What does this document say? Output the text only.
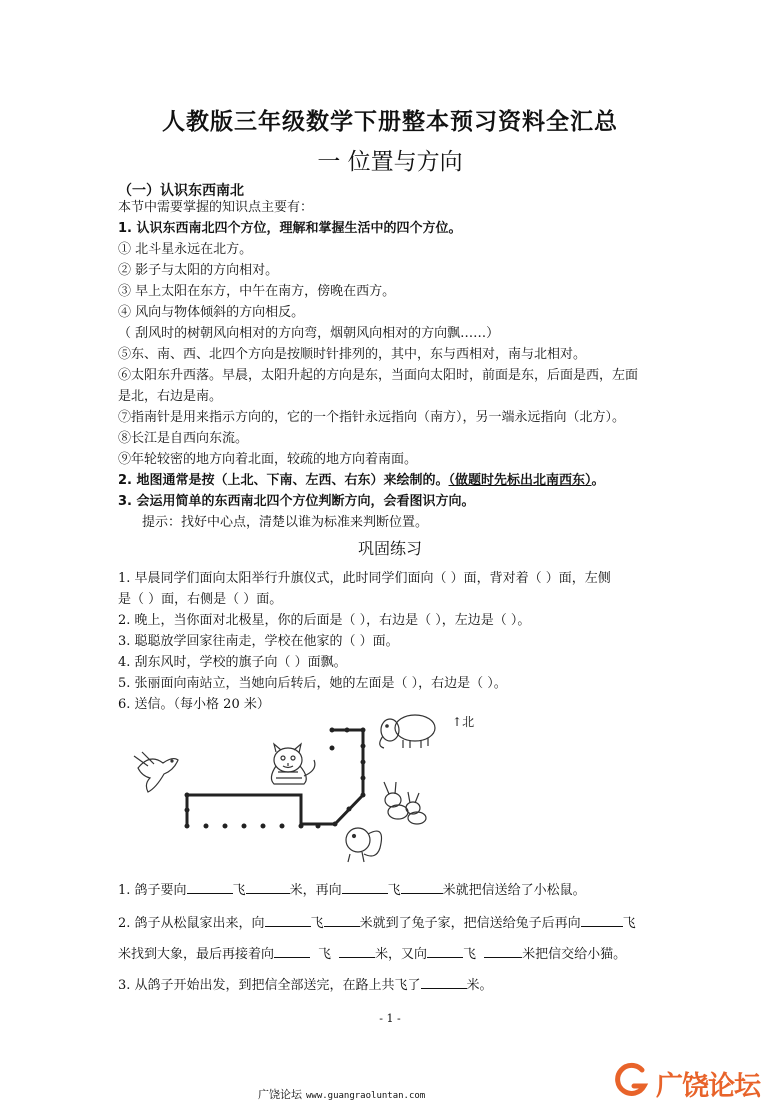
人教版三年级数学下册整本预习资料全汇总
一 位置与方向
（一）认识东西南北
本节中需要掌握的知识点主要有：
1. 认识东西南北四个方位，理解和掌握生活中的四个方位。
① 北斗星永远在北方。
② 影子与太阳的方向相对。
③ 早上太阳在东方，中午在南方，傍晚在西方。
④ 风向与物体倾斜的方向相反。
（ 刮风时的树朝风向相对的方向弯，烟朝风向相对的方向飘……）
⑤东、南、西、北四个方向是按顺时针排列的，其中，东与西相对，南与北相对。
⑥太阳东升西落。早晨，太阳升起的方向是东，当面向太阳时，前面是东，后面是西，左面
是北，右边是南。
⑦指南针是用来指示方向的，它的一个指针永远指向（南方），另一端永远指向（北方）。
⑧长江是自西向东流。
⑨年轮较密的地方向着北面，较疏的地方向着南面。
2. 地图通常是按（上北、下南、左西、右东）来绘制的。（做题时先标出北南西东）。
3. 会运用简单的东西南北四个方位判断方向，会看图识方向。
提示：找好中心点，清楚以谁为标准来判断位置。
巩固练习
1. 早晨同学们面向太阳举行升旗仪式，此时同学们面向（ ）面，背对着（ ）面，左侧
是（ ）面，右侧是（ ）面。
2. 晚上，当你面对北极星，你的后面是（ ），右边是（ ），左边是（ ）。
3. 聪聪放学回家往南走，学校在他家的（ ）面。
4. 刮东风时，学校的旗子向（ ）面飘。
5. 张丽面向南站立，当她向后转后，她的左面是（ ），右边是（ ）。
6. 送信。（每小格 20 米）
↑北
1. 鸽子要向	飞	米，再向	飞	米就把信送给了小松鼠。
2. 鸽子从松鼠家出来，向	飞	米就到了兔子家，把信送给兔子后再向	飞
米找到大象，最后再接着向	飞	米，又向	飞	米把信交给小猫。
3. 从鸽子开始出发，到把信全部送完，在路上共飞了	米。
- 1 -
广饶论坛 www.guangraoluntan.com	广饶论坛
